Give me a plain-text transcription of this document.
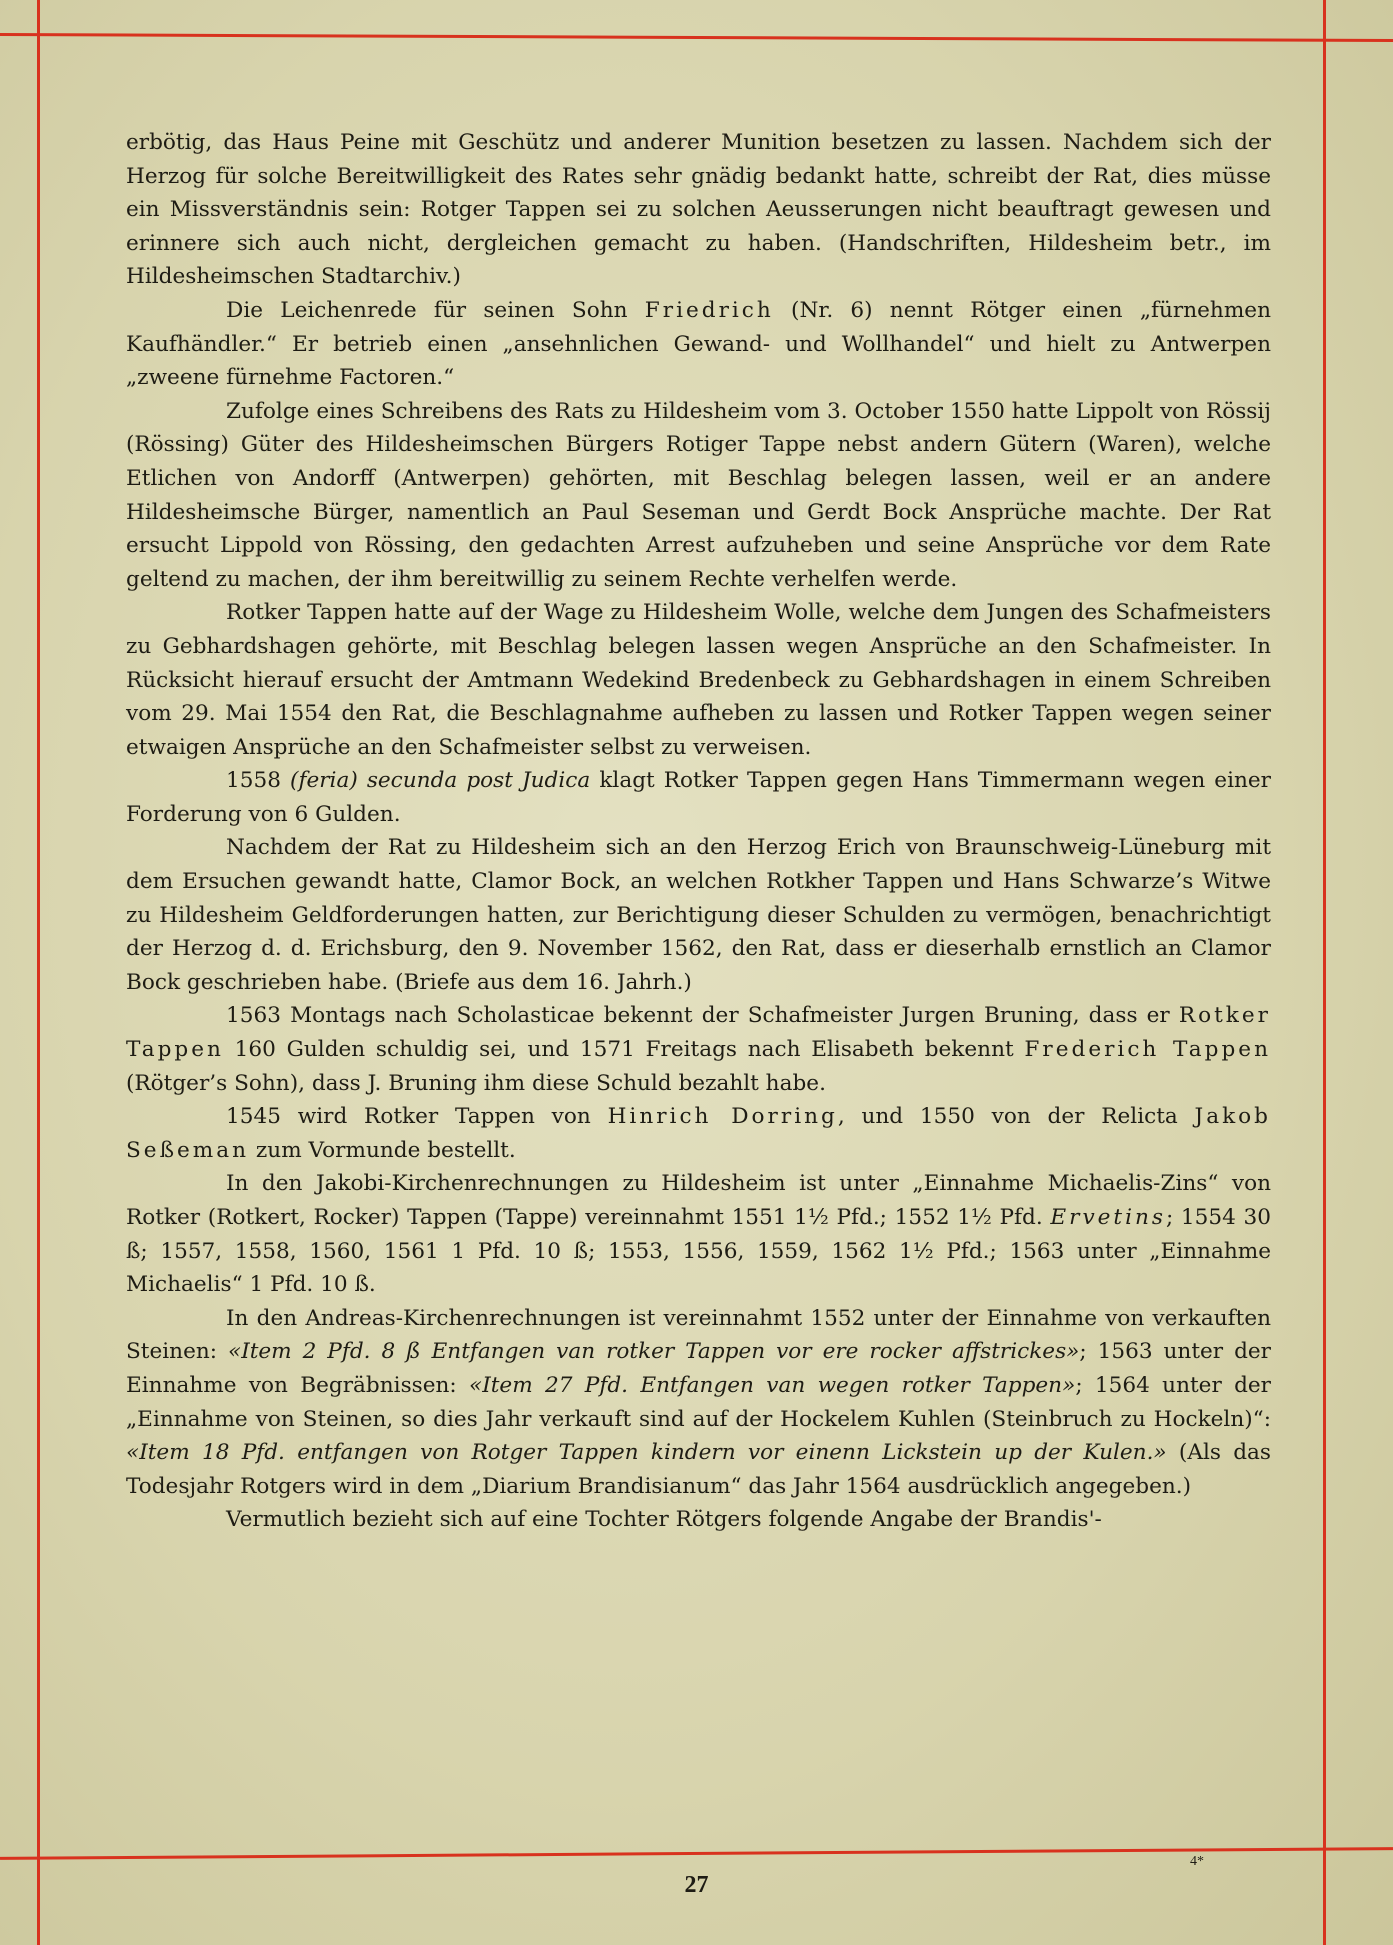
erbötig, das Haus Peine mit Geschütz und anderer Munition besetzen zu lassen. Nachdem sich der Herzog für solche Bereitwilligkeit des Rates sehr gnädig bedankt hatte, schreibt der Rat, dies müsse ein Missverständnis sein: Rotger Tappen sei zu solchen Aeusserungen nicht beauftragt gewesen und erinnere sich auch nicht, dergleichen gemacht zu haben. (Handschriften, Hildesheim betr., im Hildesheimschen Stadtarchiv.)

Die Leichenrede für seinen Sohn Friedrich (Nr. 6) nennt Rötger einen „fürnehmen Kaufhändler.“ Er betrieb einen „ansehnlichen Gewand- und Wollhandel“ und hielt zu Antwerpen „zweene fürnehme Factoren.“

Zufolge eines Schreibens des Rats zu Hildesheim vom 3. October 1550 hatte Lippolt von Rössij (Rössing) Güter des Hildesheimschen Bürgers Rotiger Tappe nebst andern Gütern (Waren), welche Etlichen von Andorff (Antwerpen) gehörten, mit Beschlag belegen lassen, weil er an andere Hildesheimsche Bürger, namentlich an Paul Seseman und Gerdt Bock Ansprüche machte. Der Rat ersucht Lippold von Rössing, den gedachten Arrest aufzuheben und seine Ansprüche vor dem Rate geltend zu machen, der ihm bereitwillig zu seinem Rechte verhelfen werde.

Rotker Tappen hatte auf der Wage zu Hildesheim Wolle, welche dem Jungen des Schafmeisters zu Gebhardshagen gehörte, mit Beschlag belegen lassen wegen Ansprüche an den Schafmeister. In Rücksicht hierauf ersucht der Amtmann Wedekind Bredenbeck zu Gebhardshagen in einem Schreiben vom 29. Mai 1554 den Rat, die Beschlagnahme aufheben zu lassen und Rotker Tappen wegen seiner etwaigen Ansprüche an den Schafmeister selbst zu verweisen.

1558 (feria) secunda post Judica klagt Rotker Tappen gegen Hans Timmermann wegen einer Forderung von 6 Gulden.

Nachdem der Rat zu Hildesheim sich an den Herzog Erich von Braunschweig-Lüneburg mit dem Ersuchen gewandt hatte, Clamor Bock, an welchen Rotkher Tappen und Hans Schwarze’s Witwe zu Hildesheim Geldforderungen hatten, zur Berichtigung dieser Schulden zu vermögen, benachrichtigt der Herzog d. d. Erichsburg, den 9. November 1562, den Rat, dass er dieserhalb ernstlich an Clamor Bock geschrieben habe. (Briefe aus dem 16. Jahrh.)

1563 Montags nach Scholasticae bekennt der Schafmeister Jurgen Bruning, dass er Rotker Tappen 160 Gulden schuldig sei, und 1571 Freitags nach Elisabeth bekennt Frederich Tappen (Rötger’s Sohn), dass J. Bruning ihm diese Schuld bezahlt habe.

1545 wird Rotker Tappen von Hinrich Dorring, und 1550 von der Relicta Jakob Seßeman zum Vormunde bestellt.

In den Jakobi-Kirchenrechnungen zu Hildesheim ist unter „Einnahme Michaelis-Zins“ von Rotker (Rotkert, Rocker) Tappen (Tappe) vereinnahmt 1551 1½ Pfd.; 1552 1½ Pfd. Ervetins; 1554 30 ß; 1557, 1558, 1560, 1561 1 Pfd. 10 ß; 1553, 1556, 1559, 1562 1½ Pfd.; 1563 unter „Einnahme Michaelis“ 1 Pfd. 10 ß.

In den Andreas-Kirchenrechnungen ist vereinnahmt 1552 unter der Einnahme von verkauften Steinen: «Item 2 Pfd. 8 ß Entfangen van rotker Tappen vor ere rocker affstrickes»; 1563 unter der Einnahme von Begräbnissen: «Item 27 Pfd. Entfangen van wegen rotker Tappen»; 1564 unter der „Einnahme von Steinen, so dies Jahr verkauft sind auf der Hockelem Kuhlen (Steinbruch zu Hockeln)“: «Item 18 Pfd. entfangen von Rotger Tappen kindern vor einenn Lickstein up der Kulen.» (Als das Todesjahr Rotgers wird in dem „Diarium Brandisianum“ das Jahr 1564 ausdrücklich angegeben.)

Vermutlich bezieht sich auf eine Tochter Rötgers folgende Angabe der Brandis'-

27
4*
